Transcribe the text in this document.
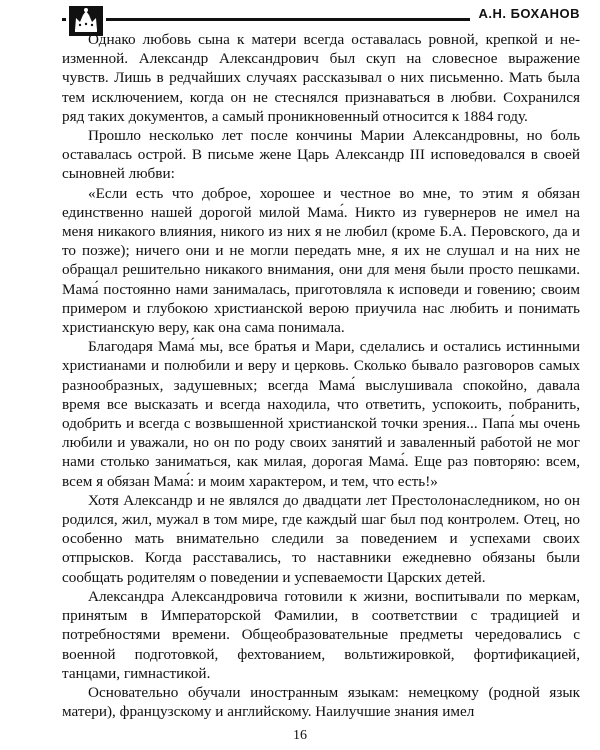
А.Н. БОХАНОВ

Однако любовь сына к матери всегда оставалась ровной, крепкой и неизменной. Александр Александрович был скуп на словесное выражение чувств. Лишь в редчайших случаях рассказывал о них письменно. Мать была тем исключением, когда он не стеснялся признаваться в любви. Сохранился ряд таких документов, а самый проникновенный относится к 1884 году.

Прошло несколько лет после кончины Марии Александровны, но боль оставалась острой. В письме жене Царь Александр III исповедовался в своей сыновней любви:

«Если есть что доброе, хорошее и честное во мне, то этим я обязан единственно нашей дорогой милой Мама́. Никто из гувернеров не имел на меня никакого влияния, никого из них я не любил (кроме Б.А. Перовского, да и то позже); ничего они и не могли передать мне, я их не слушал и на них не обращал решительно никакого внимания, они для меня были просто пешками. Мама́ постоянно нами занималась, приготовляла к исповеди и говению; своим примером и глубокою христианской верою приучила нас любить и понимать христианскую веру, как она сама понимала.

Благодаря Мама́ мы, все братья и Мари, сделались и остались истинными христианами и полюбили и веру и церковь. Сколько бывало разговоров самых разнообразных, задушевных; всегда Мама́ выслушивала спокойно, давала время все высказать и всегда находила, что ответить, успокоить, побранить, одобрить и всегда с возвышенной христианской точки зрения... Папа́ мы очень любили и уважали, но он по роду своих занятий и заваленный работой не мог нами столько заниматься, как милая, дорогая Мама́. Еще раз повторяю: всем, всем я обязан Мама́: и моим характером, и тем, что есть!»

Хотя Александр и не являлся до двадцати лет Престолонаследником, но он родился, жил, мужал в том мире, где каждый шаг был под контролем. Отец, но особенно мать внимательно следили за поведением и успехами своих отпрысков. Когда расставались, то наставники ежедневно обязаны были сообщать родителям о поведении и успеваемости Царских детей.

Александра Александровича готовили к жизни, воспитывали по меркам, принятым в Императорской Фамилии, в соответствии с традицией и потребностями времени. Общеобразовательные предметы чередовались с военной подготовкой, фехтованием, вольтижировкой, фортификацией, танцами, гимнастикой.

Основательно обучали иностранным языкам: немецкому (родной язык матери), французскому и английскому. Наилучшие знания имел

16
